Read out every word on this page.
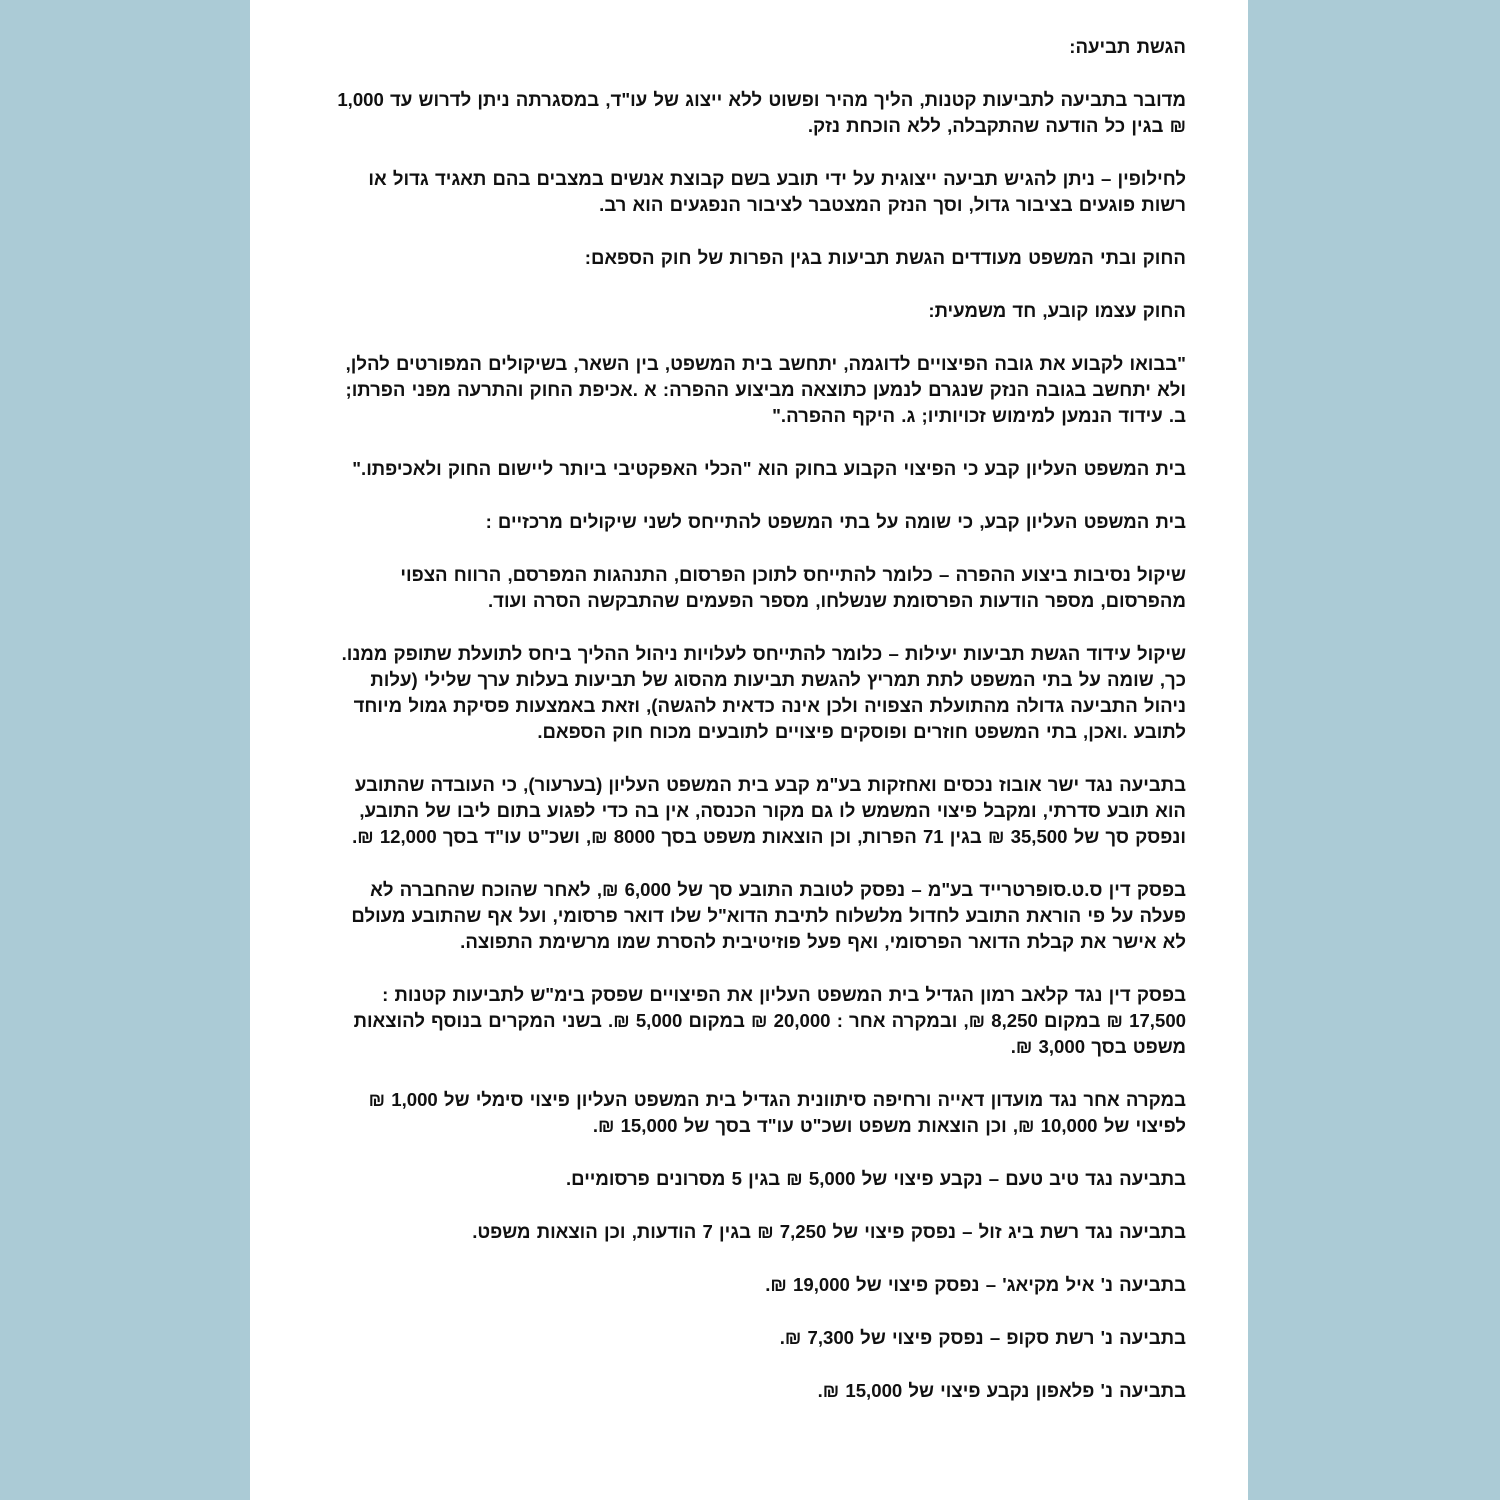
הגשת תביעה:

מדובר בתביעה לתביעות קטנות, הליך מהיר ופשוט ללא ייצוג של עו"ד, במסגרתה ניתן לדרוש עד 1,000 ₪ בגין כל הודעה שהתקבלה, ללא הוכחת נזק.

לחילופין – ניתן להגיש תביעה ייצוגית על ידי תובע בשם קבוצת אנשים במצבים בהם תאגיד גדול או רשות פוגעים בציבור גדול, וסך הנזק המצטבר לציבור הנפגעים הוא רב.

החוק ובתי המשפט מעודדים הגשת תביעות בגין הפרות של חוק הספאם:

החוק עצמו קובע, חד משמעית:

"בבואו לקבוע את גובה הפיצויים לדוגמה, יתחשב בית המשפט, בין השאר, בשיקולים המפורטים להלן, ולא יתחשב בגובה הנזק שנגרם לנמען כתוצאה מביצוע ההפרה: א .אכיפת החוק והתרעה מפני הפרתו; ב. עידוד הנמען למימוש זכויותיו; ג. היקף ההפרה."

בית המשפט העליון קבע כי הפיצוי הקבוע בחוק הוא "הכלי האפקטיבי ביותר ליישום החוק ולאכיפתו."

בית המשפט העליון קבע, כי שומה על בתי המשפט להתייחס לשני שיקולים מרכזיים :

שיקול נסיבות ביצוע ההפרה – כלומר להתייחס לתוכן הפרסום, התנהגות המפרסם, הרווח הצפוי מהפרסום, מספר הודעות הפרסומת שנשלחו, מספר הפעמים שהתבקשה הסרה ועוד.

שיקול עידוד הגשת תביעות יעילות – כלומר להתייחס לעלויות ניהול ההליך ביחס לתועלת שתופק ממנו. כך, שומה על בתי המשפט לתת תמריץ להגשת תביעות מהסוג של תביעות בעלות ערך שלילי (עלות ניהול התביעה גדולה מהתועלת הצפויה ולכן אינה כדאית להגשה), וזאת באמצעות פסיקת גמול מיוחד לתובע .ואכן, בתי המשפט חוזרים ופוסקים פיצויים לתובעים מכוח חוק הספאם.

בתביעה נגד ישר אובוז נכסים ואחזקות בע"מ קבע בית המשפט העליון (בערעור), כי העובדה שהתובע הוא תובע סדרתי, ומקבל פיצוי המשמש לו גם מקור הכנסה, אין בה כדי לפגוע בתום ליבו של התובע, ונפסק סך של 35,500 ₪ בגין 71 הפרות, וכן הוצאות משפט בסך 8000 ₪, ושכ"ט עו"ד בסך 12,000 ₪.

בפסק דין ס.ט.סופרטרייד בע"מ – נפסק לטובת התובע סך של 6,000 ₪, לאחר שהוכח שהחברה לא פעלה על פי הוראת התובע לחדול מלשלוח לתיבת הדוא"ל שלו דואר פרסומי, ועל אף שהתובע מעולם לא אישר את קבלת הדואר הפרסומי, ואף פעל פוזיטיבית להסרת שמו מרשימת התפוצה.

בפסק דין נגד קלאב רמון הגדיל בית המשפט העליון את הפיצויים שפסק בימ"ש לתביעות קטנות : 17,500 ₪ במקום 8,250 ₪, ובמקרה אחר : 20,000 ₪ במקום 5,000 ₪. בשני המקרים בנוסף להוצאות משפט בסך 3,000 ₪.

במקרה אחר נגד מועדון דאייה ורחיפה סיתוונית הגדיל בית המשפט העליון פיצוי סימלי של 1,000 ₪ לפיצוי של 10,000 ₪, וכן הוצאות משפט ושכ"ט עו"ד בסך של 15,000 ₪.

בתביעה נגד טיב טעם – נקבע פיצוי של 5,000 ₪ בגין 5 מסרונים פרסומיים.

בתביעה נגד רשת ביג זול – נפסק פיצוי של 7,250 ₪ בגין 7 הודעות, וכן הוצאות משפט.

בתביעה נ' איל מקיאג' – נפסק פיצוי של 19,000 ₪.

בתביעה נ' רשת סקופ – נפסק פיצוי של 7,300 ₪.

בתביעה נ' פלאפון נקבע פיצוי של 15,000 ₪.
